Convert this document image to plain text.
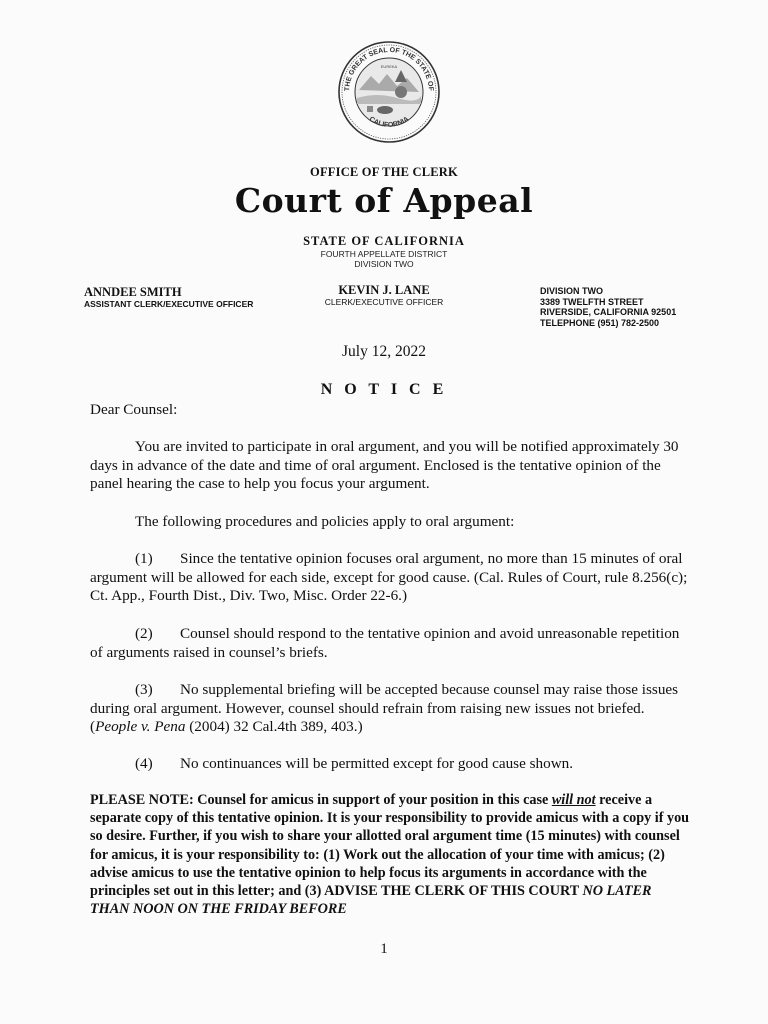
THE GREAT SEAL OF THE STATE OF
CALIFORNIA
EUREKA
OFFICE OF THE CLERK
Court of Appeal
STATE OF CALIFORNIA
FOURTH APPELLATE DISTRICT
DIVISION TWO
ANNDEE SMITH
ASSISTANT CLERK/EXECUTIVE OFFICER
KEVIN J. LANE
CLERK/EXECUTIVE OFFICER
DIVISION TWO
3389 TWELFTH STREET
RIVERSIDE, CALIFORNIA 92501
TELEPHONE (951) 782-2500
July 12, 2022
N O T I C E
Dear Counsel:
You are invited to participate in oral argument, and you will be notified approximately 30 days in advance of the date and time of oral argument. Enclosed is the tentative opinion of the panel hearing the case to help you focus your argument.
The following procedures and policies apply to oral argument:
(1) Since the tentative opinion focuses oral argument, no more than 15 minutes of oral argument will be allowed for each side, except for good cause. (Cal. Rules of Court, rule 8.256(c); Ct. App., Fourth Dist., Div. Two, Misc. Order 22-6.)
(2) Counsel should respond to the tentative opinion and avoid unreasonable repetition of arguments raised in counsel’s briefs.
(3) No supplemental briefing will be accepted because counsel may raise those issues during oral argument. However, counsel should refrain from raising new issues not briefed. (People v. Pena (2004) 32 Cal.4th 389, 403.)
(4) No continuances will be permitted except for good cause shown.
PLEASE NOTE: Counsel for amicus in support of your position in this case will not receive a separate copy of this tentative opinion. It is your responsibility to provide amicus with a copy if you so desire. Further, if you wish to share your allotted oral argument time (15 minutes) with counsel for amicus, it is your responsibility to: (1) Work out the allocation of your time with amicus; (2) advise amicus to use the tentative opinion to help focus its arguments in accordance with the principles set out in this letter; and (3) ADVISE THE CLERK OF THIS COURT NO LATER THAN NOON ON THE FRIDAY BEFORE
1
